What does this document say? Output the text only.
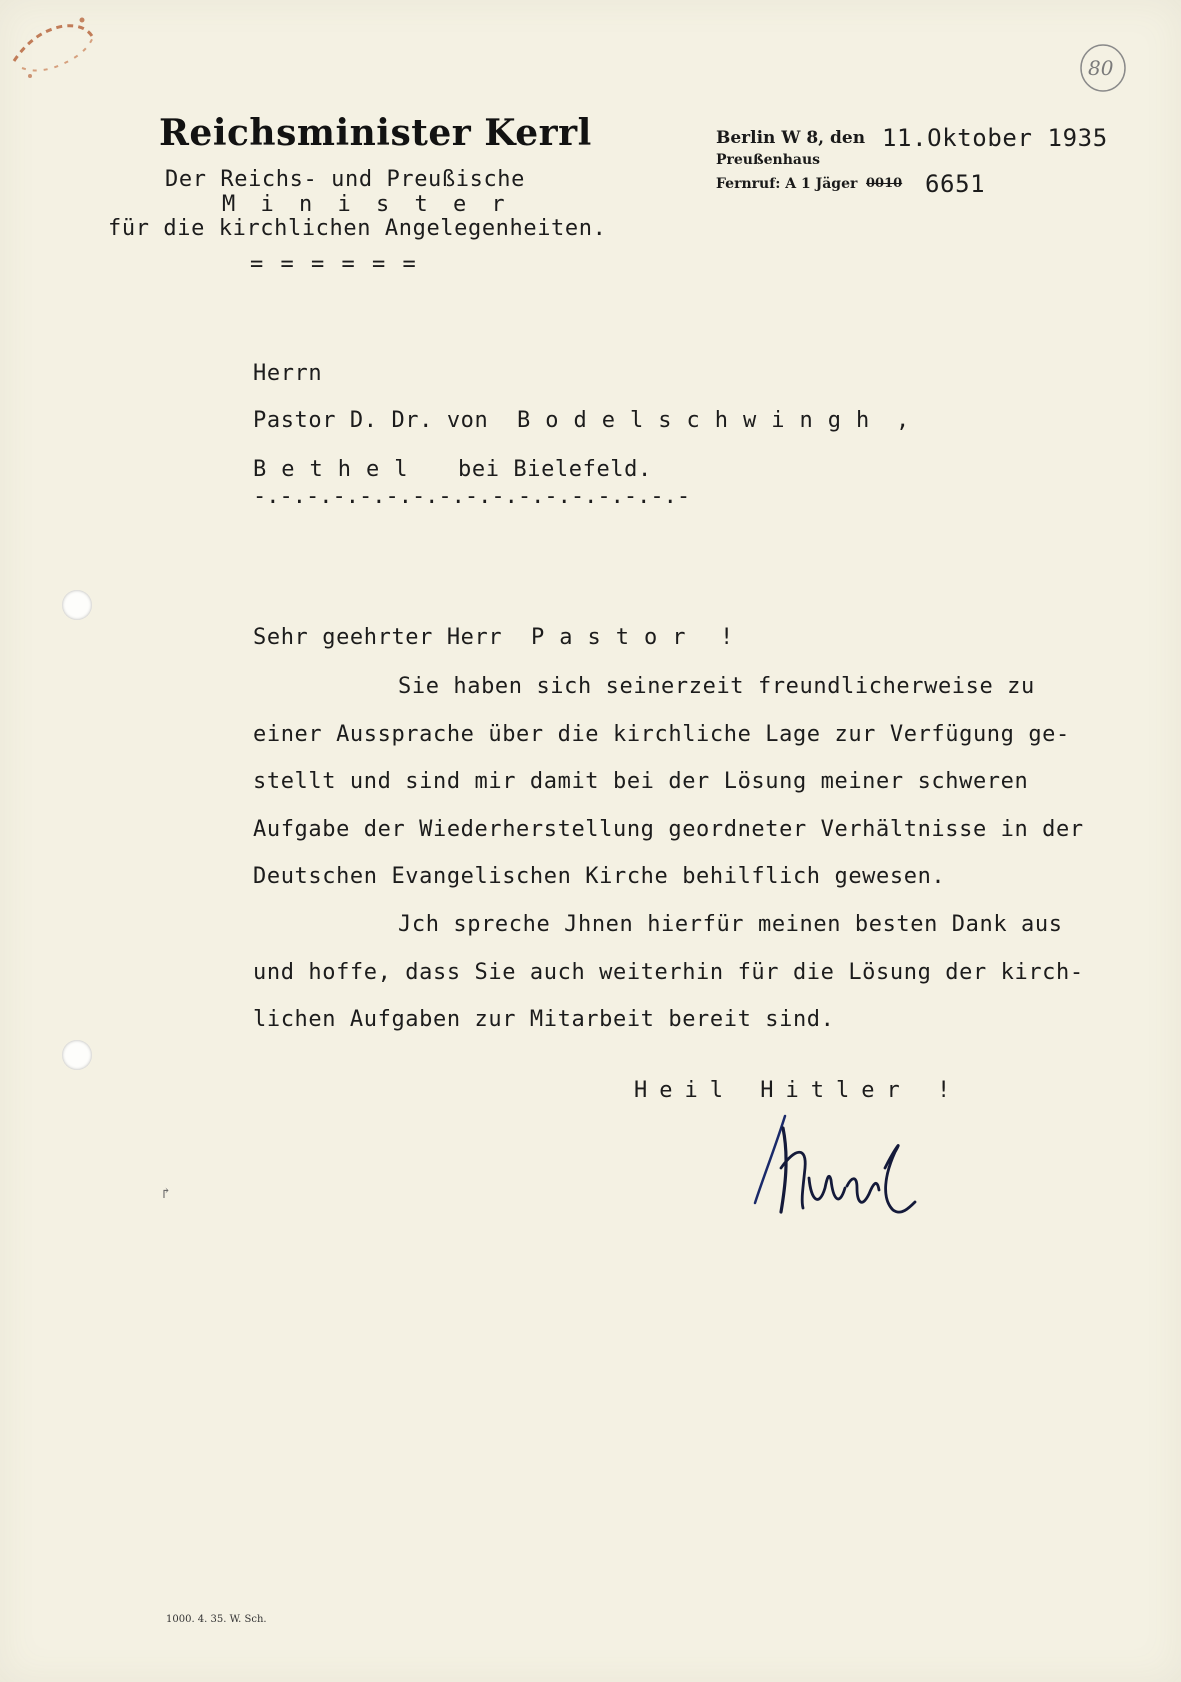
80
Reichsminister Kerrl
Der Reichs- und Preußische
M i n i s t e r
für die kirchlichen Angelegenheiten.
= = = = = =
Berlin W 8, den 11.Oktober 1935
Preußenhaus
Fernruf: A 1 Jäger 0010 6651
Herrn
Pastor D. Dr. von Bodelschwingh ,
Bethel bei Bielefeld.
-.-.-.-.-.-.-.-.-.-.-.-.-.-.-.-.-
Sehr geehrter Herr Pastor !
Sie haben sich seinerzeit freundlicherweise zu
einer Aussprache über die kirchliche Lage zur Verfügung ge-
stellt und sind mir damit bei der Lösung meiner schweren
Aufgabe der Wiederherstellung geordneter Verhältnisse in der
Deutschen Evangelischen Kirche behilflich gewesen.
Jch spreche Jhnen hierfür meinen besten Dank aus
und hoffe, dass Sie auch weiterhin für die Lösung der kirch-
lichen Aufgaben zur Mitarbeit bereit sind.
Heil Hitler !
↱
1000. 4. 35. W. Sch.
